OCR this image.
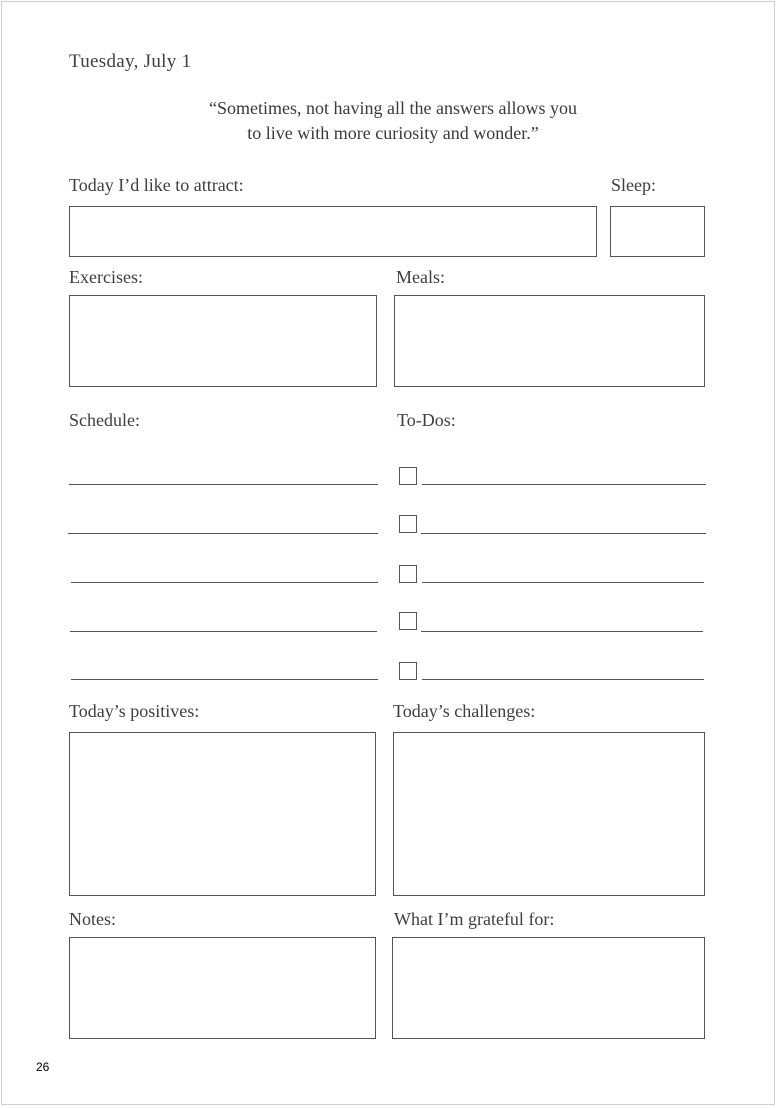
Tuesday, July 1
“Sometimes, not having all the answers allows you
to live with more curiosity and wonder.”
Today I’d like to attract:	Sleep:
Exercises:	Meals:
Schedule:	To-Dos:
Today’s positives:	Today’s challenges:
Notes:	What I’m grateful for:
26
